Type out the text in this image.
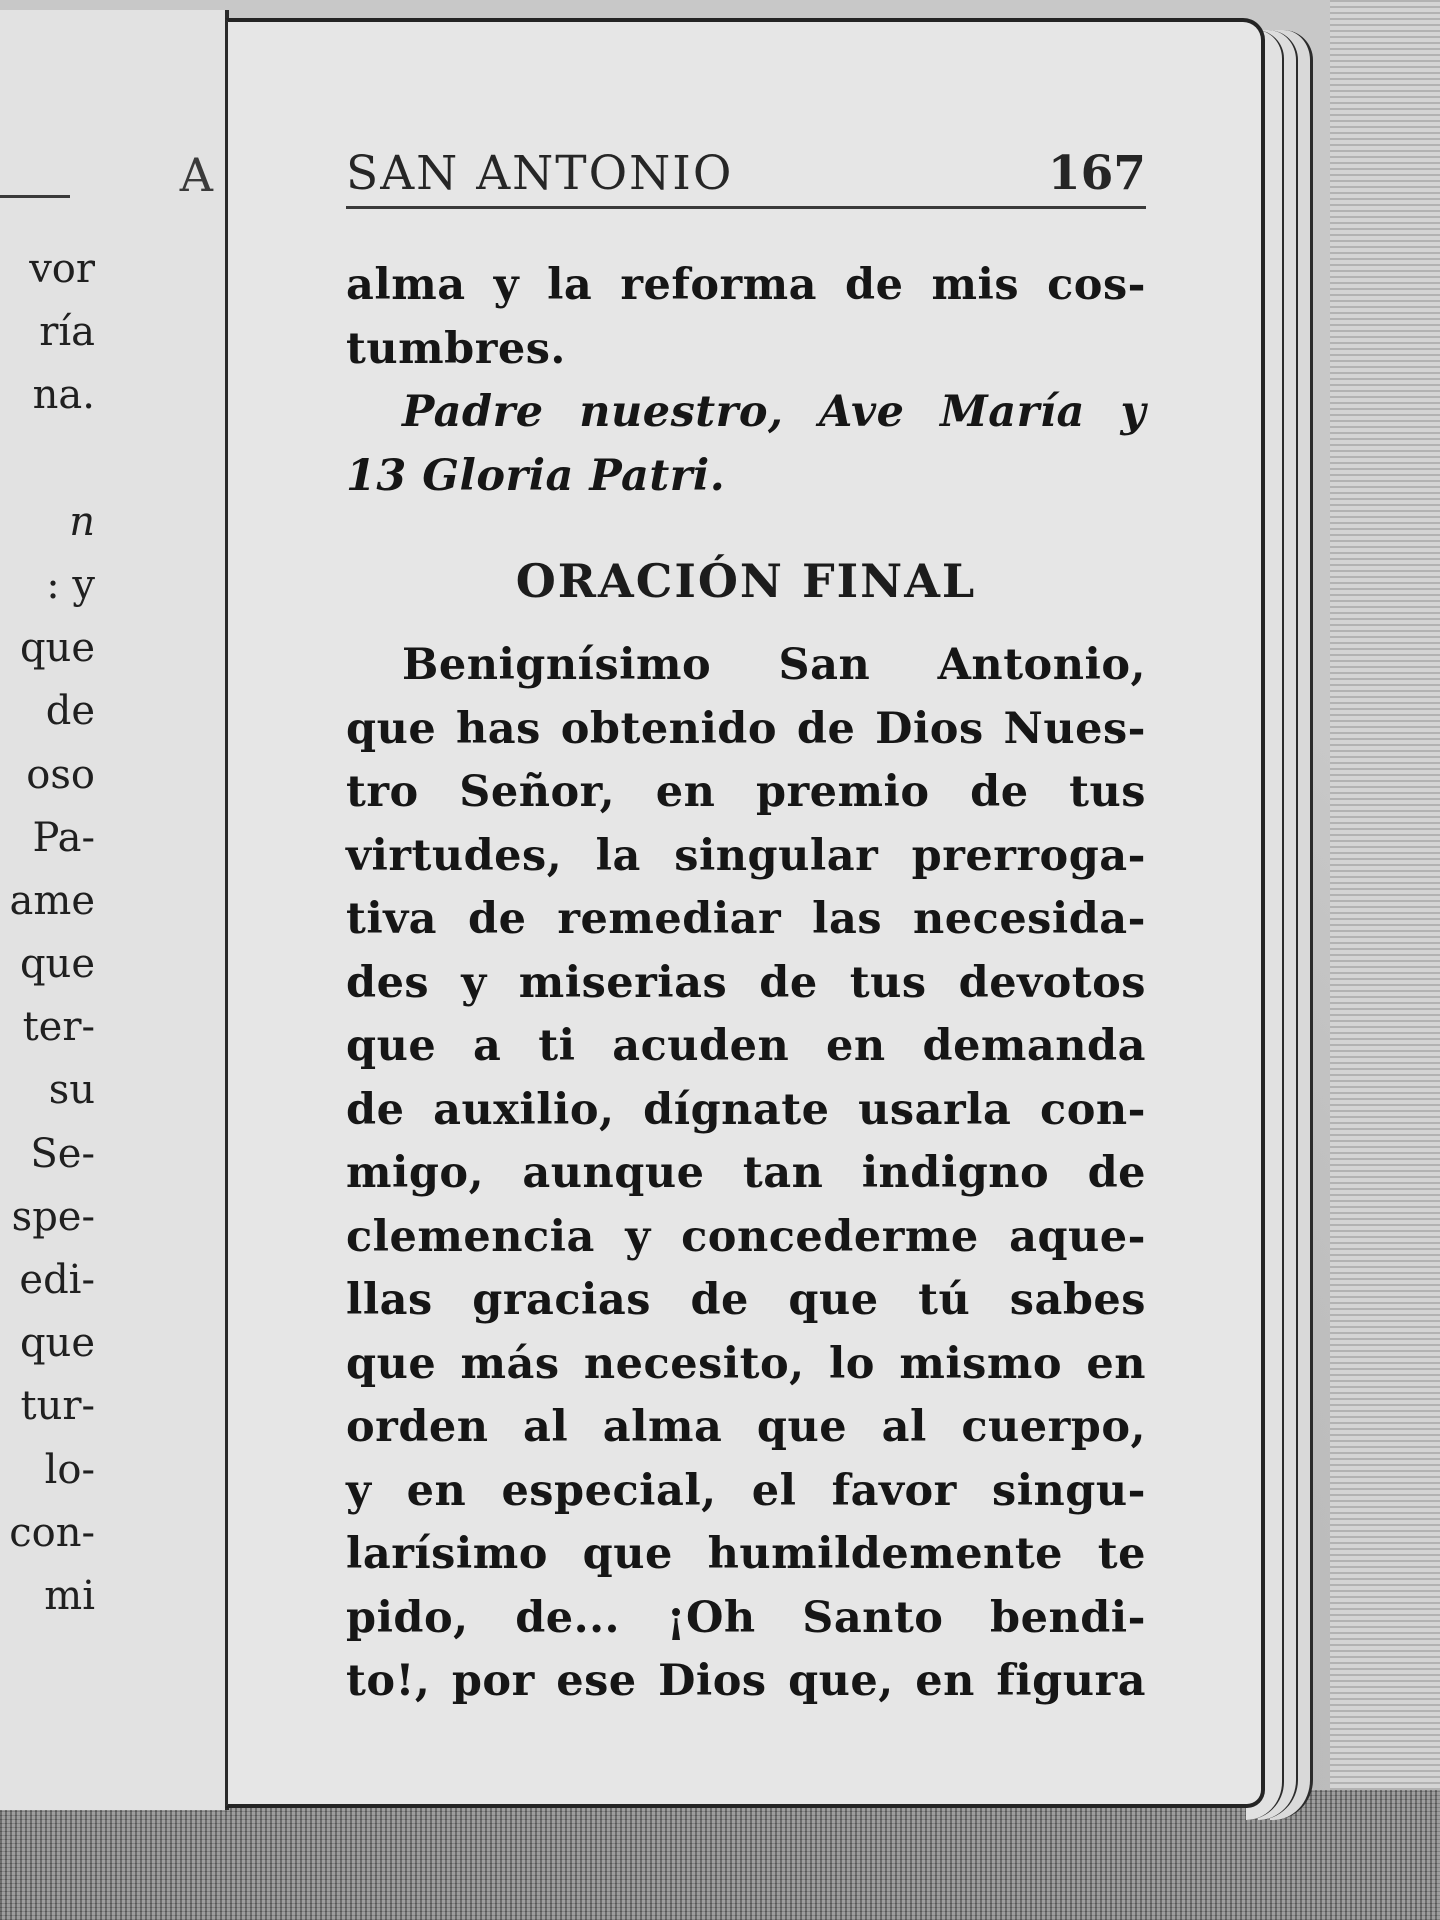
A
vor
ría
na.
n
: y
que
de
oso
Pa-
ame
que
ter-
su
Se-
spe-
edi-
que
tur-
lo-
con-
mi
SAN ANTONIO	167
alma y la reforma de mis cos-
tumbres.
Padre nuestro, Ave María y
13 Gloria Patri.
ORACIÓN FINAL
Benignísimo San Antonio,
que has obtenido de Dios Nues-
tro Señor, en premio de tus
virtudes, la singular prerroga-
tiva de remediar las necesida-
des y miserias de tus devotos
que a ti acuden en demanda
de auxilio, dígnate usarla con-
migo, aunque tan indigno de
clemencia y concederme aque-
llas gracias de que tú sabes
que más necesito, lo mismo en
orden al alma que al cuerpo,
y en especial, el favor singu-
larísimo que humildemente te
pido, de... ¡Oh Santo bendi-
to!, por ese Dios que, en figura
